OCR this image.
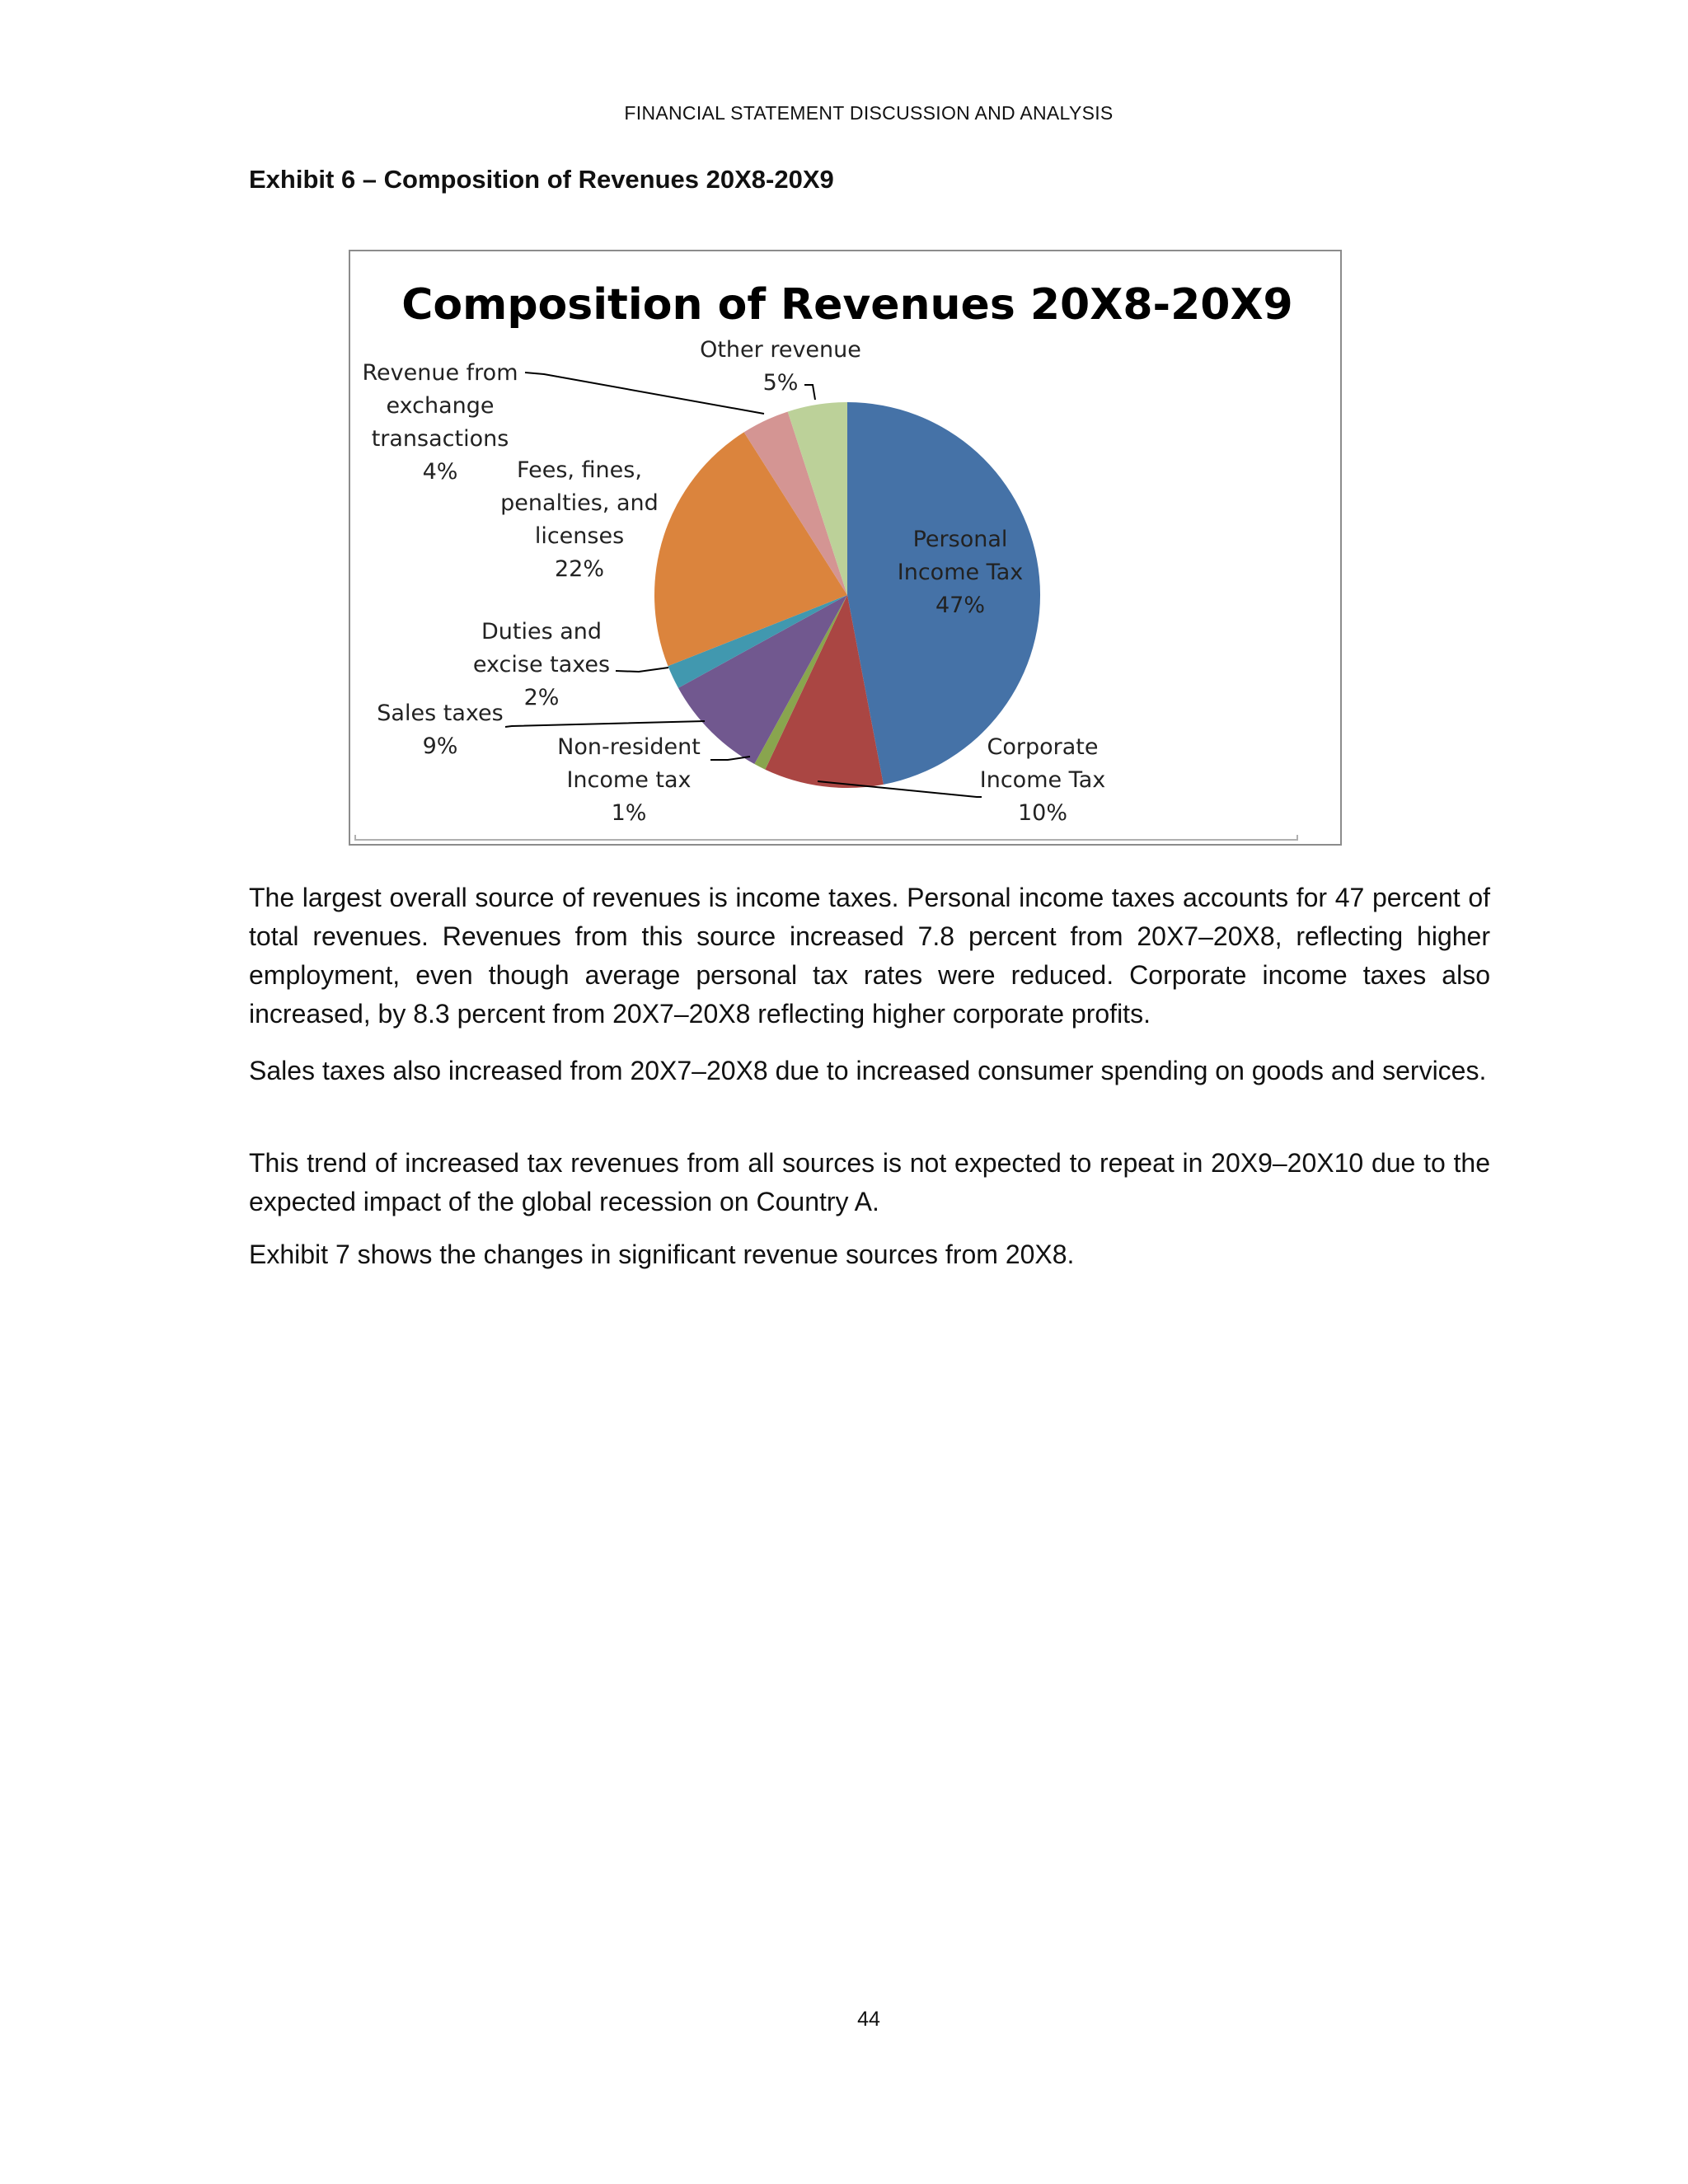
FINANCIAL STATEMENT DISCUSSION AND ANALYSIS
Exhibit 6 – Composition of Revenues 20X8-20X9
Composition of Revenues 20X8-20X9
Personal Income Tax 47%
Corporate Income Tax 10%
Non-resident Income tax 1%
Sales taxes 9%
Duties and excise taxes 2%
Fees, fines, penalties, and licenses 22%
Revenue from exchange transactions 4%
Other revenue 5%

The largest overall source of revenues is income taxes. Personal income taxes accounts for 47 percent of total revenues. Revenues from this source increased 7.8 percent from 20X7–20X8, reflecting higher employment, even though average personal tax rates were reduced. Corporate income taxes also increased, by 8.3 percent from 20X7–20X8 reflecting higher corporate profits.

Sales taxes also increased from 20X7–20X8 due to increased consumer spending on goods and services.

This trend of increased tax revenues from all sources is not expected to repeat in 20X9–20X10 due to the expected impact of the global recession on Country A.

Exhibit 7 shows the changes in significant revenue sources from 20X8.

44
